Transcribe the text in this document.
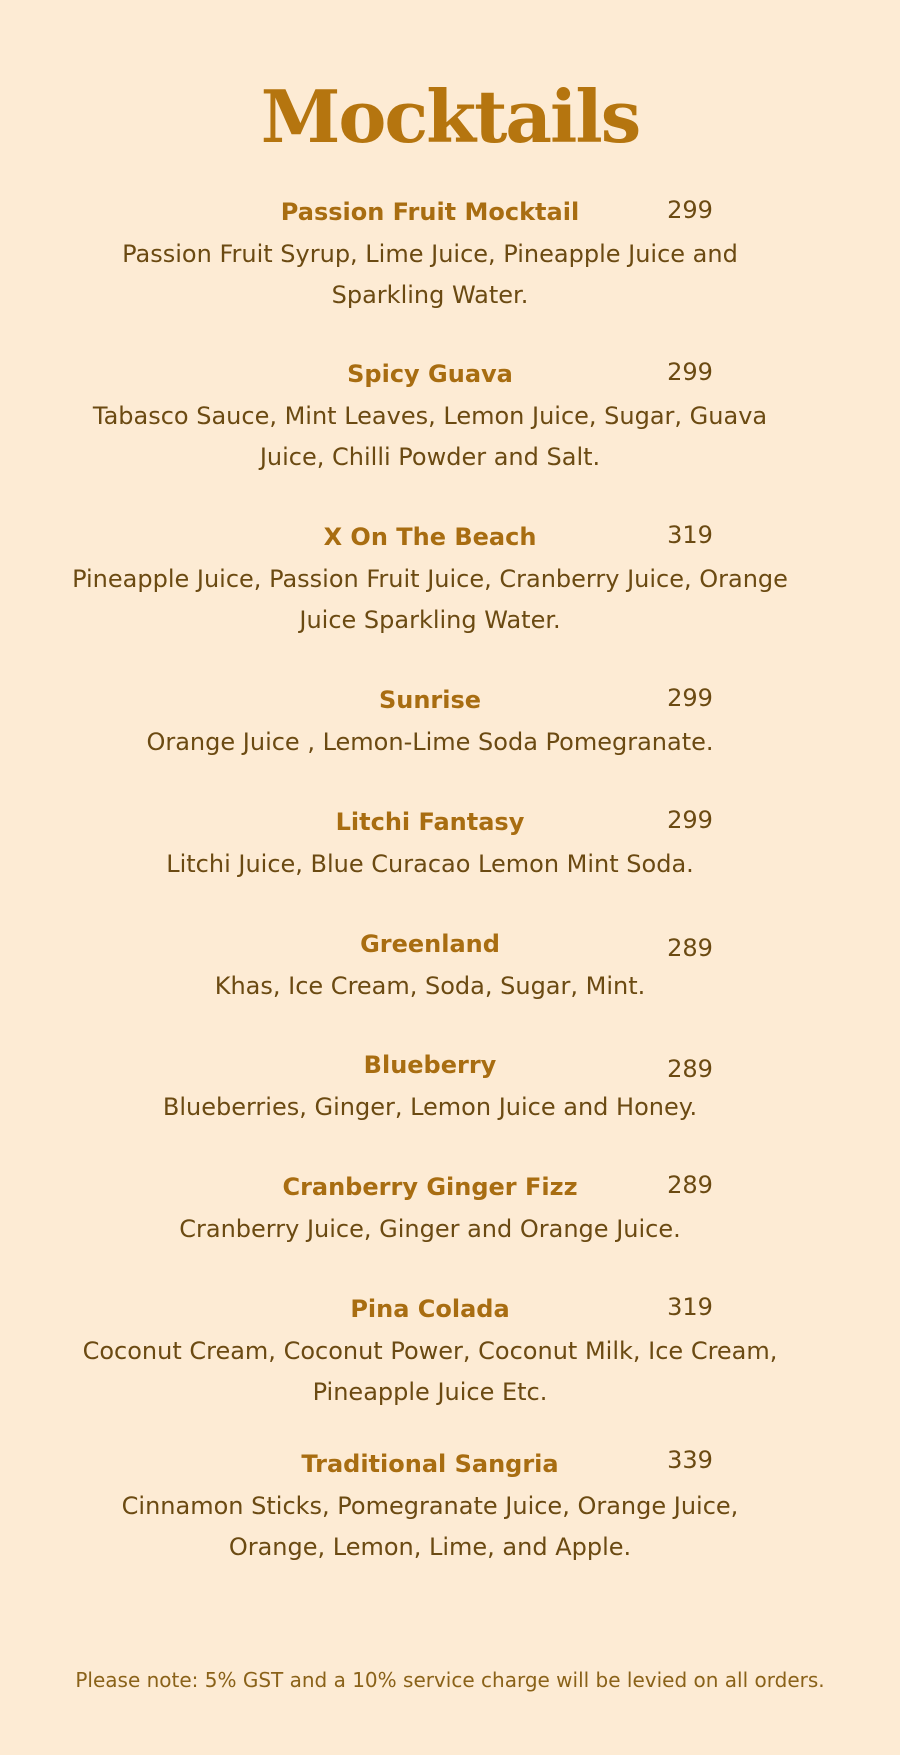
Mocktails
Passion Fruit Mocktail	299
Passion Fruit Syrup, Lime Juice, Pineapple Juice and Sparkling Water.
Spicy Guava	299
Tabasco Sauce, Mint Leaves, Lemon Juice, Sugar, Guava Juice, Chilli Powder and Salt.
X On The Beach	319
Pineapple Juice, Passion Fruit Juice, Cranberry Juice, Orange Juice Sparkling Water.
Sunrise	299
Orange Juice , Lemon-Lime Soda Pomegranate.
Litchi Fantasy	299
Litchi Juice, Blue Curacao Lemon Mint Soda.
Greenland	289
Khas, Ice Cream, Soda, Sugar, Mint.
Blueberry	289
Blueberries, Ginger, Lemon Juice and Honey.
Cranberry Ginger Fizz	289
Cranberry Juice, Ginger and Orange Juice.
Pina Colada	319
Coconut Cream, Coconut Power, Coconut Milk, Ice Cream, Pineapple Juice Etc.
Traditional Sangria	339
Cinnamon Sticks, Pomegranate Juice, Orange Juice, Orange, Lemon, Lime, and Apple.
Please note: 5% GST and a 10% service charge will be levied on all orders.
